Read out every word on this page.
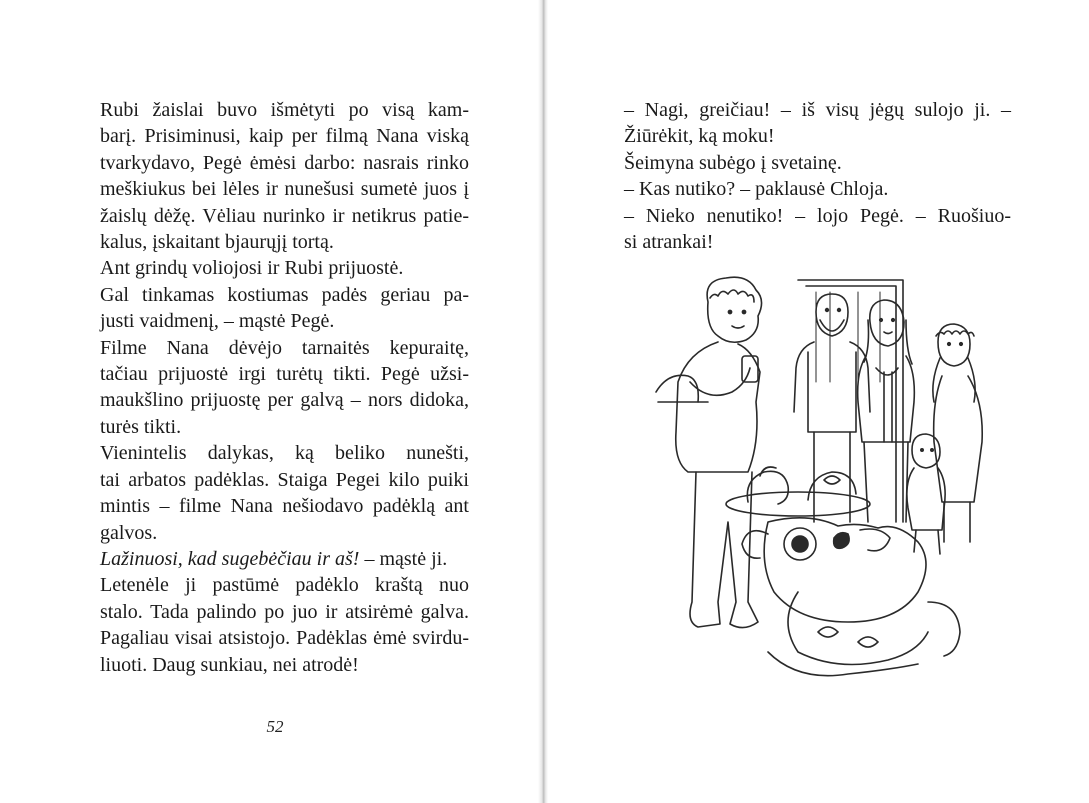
Rubi žaislai buvo išmėtyti po visą kam-
barį. Prisiminusi, kaip per filmą Nana viską
tvarkydavo, Pegė ėmėsi darbo: nasrais rinko
meškiukus bei lėles ir nunešusi sumetė juos į
žaislų dėžę. Vėliau nurinko ir netikrus patie-
kalus, įskaitant bjaurųjį tortą.

Ant grindų voliojosi ir Rubi prijuostė.

Gal tinkamas kostiumas padės geriau pa-
justi vaidmenį, – mąstė Pegė.

Filme Nana dėvėjo tarnaitės kepuraitę,
tačiau prijuostė irgi turėtų tikti. Pegė užsi-
maukšlino prijuostę per galvą – nors didoka,
turės tikti.

Vienintelis dalykas, ką beliko nunešti,
tai arbatos padėklas. Staiga Pegei kilo puiki
mintis – filme Nana nešiodavo padėklą ant
galvos.

Lažinuosi, kad sugebėčiau ir aš! – mąstė ji.

Letenėle ji pastūmė padėklo kraštą nuo
stalo. Tada palindo po juo ir atsirėmė galva.
Pagaliau visai atsistojo. Padėklas ėmė svirdu-
liuoti. Daug sunkiau, nei atrodė!

52
– Nagi, greičiau! – iš visų jėgų sulojo ji. –
Žiūrėkit, ką moku!
Šeimyna subėgo į svetainę.
– Kas nutiko? – paklausė Chloja.
– Nieko nenutiko! – lojo Pegė. – Ruošiuo-
si atrankai!
